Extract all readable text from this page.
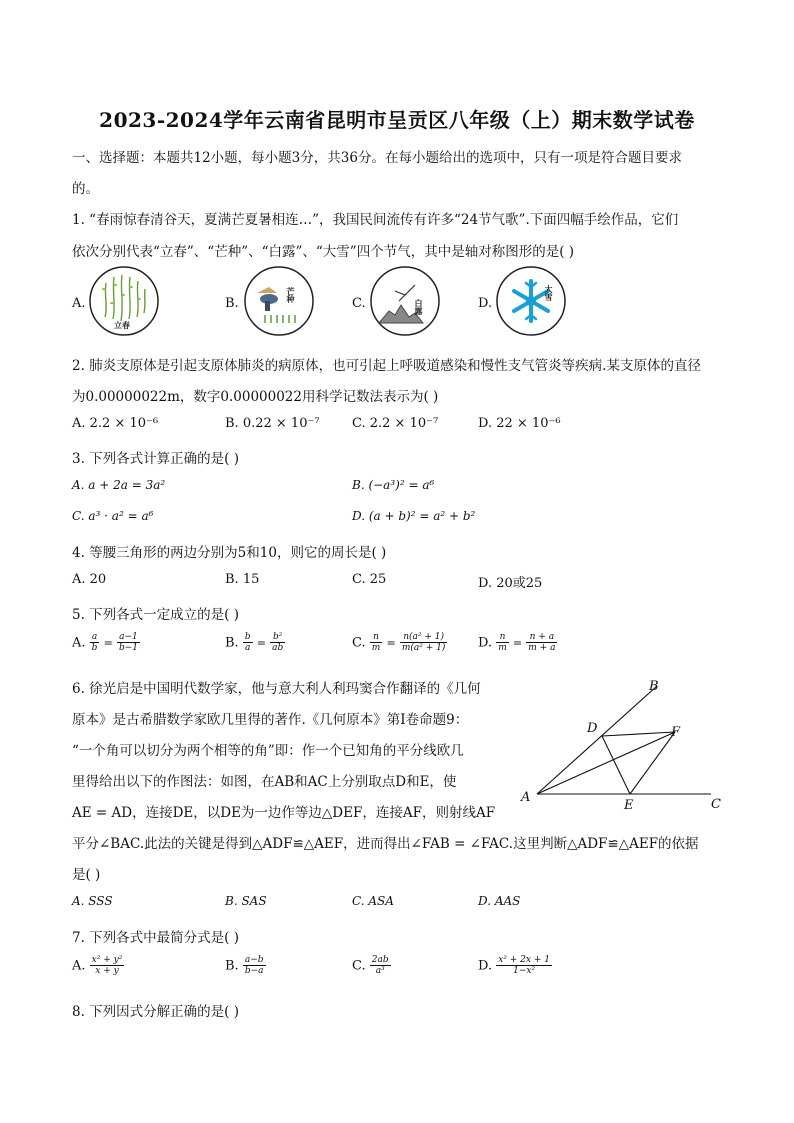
2023-2024学年云南省昆明市呈贡区八年级（上）期末数学试卷
一、选择题：本题共12小题，每小题3分，共36分。在每小题给出的选项中，只有一项是符合题目要求
的。
1. “春雨惊春清谷天，夏满芒夏暑相连…”，我国民间流传有许多“24节气歌”.下面四幅手绘作品，它们
依次分别代表“立春”、“芒种”、“白露”、“大雪”四个节气，其中是轴对称图形的是( )
A.
立春
B.
芒种
C.	白露	D.
大雪
2. 肺炎支原体是引起支原体肺炎的病原体，也可引起上呼吸道感染和慢性支气管炎等疾病.某支原体的直径
为0.00000022m，数字0.00000022用科学记数法表示为( )
A. 2.2 × 10⁻⁶	B. 0.22 × 10⁻⁷ C. 2.2 × 10⁻⁷	D. 22 × 10⁻⁶
3. 下列各式计算正确的是( )
A. a + 2a = 3a²	B. (−a³)² = a⁶
C. a³ · a² = a⁶	D. (a + b)² = a² + b²
4. 等腰三角形的两边分别为5和10，则它的周长是( )
A. 20	B. 15	C. 25	D. 20或25
5. 下列各式一定成立的是( )
A. $\frac{a}{b} = \frac{a-1}{b-1}$	B. $\frac{b}{a} = \frac{\text{b²}}{ab}$	C. $\frac{n}{m} = \frac{\text{n(a² + 1)}}{\text{m(a² + 1)}} D$. $\frac{n}{m} = \frac{n + a}{m + a}$
6. 徐光启是中国明代数学家，他与意大利人利玛窦合作翻译的《几何
原本》是古希腊数学家欧几里得的著作.《几何原本》第Ⅰ卷命题9：
“一个角可以切分为两个相等的角”即：作一个已知角的平分线欧几
里得给出以下的作图法：如图，在AB和AC上分别取点D和E，使
AE = AD，连接DE，以DE为一边作等边△DEF，连接AF，则射线AF
平分∠BAC.此法的关键是得到△ADF≌△AEF，进而得出∠FAB = ∠FAC.这里判断△ADF≌△AEF的依据
是( )
A
B
C
D
E
F
A. SSS	B. SAS	C. ASA	D. AAS
7. 下列各式中最简分式是( )
A. $\frac{\text{x² + y²}}{x + y}$	B. $\frac{a-b}{b-a}$	C. $\frac{2ab}{\text{a³}}$	D. $\frac{\text{x² + 2x + 1}}{\text{1−x²}}$
8. 下列因式分解正确的是( )
